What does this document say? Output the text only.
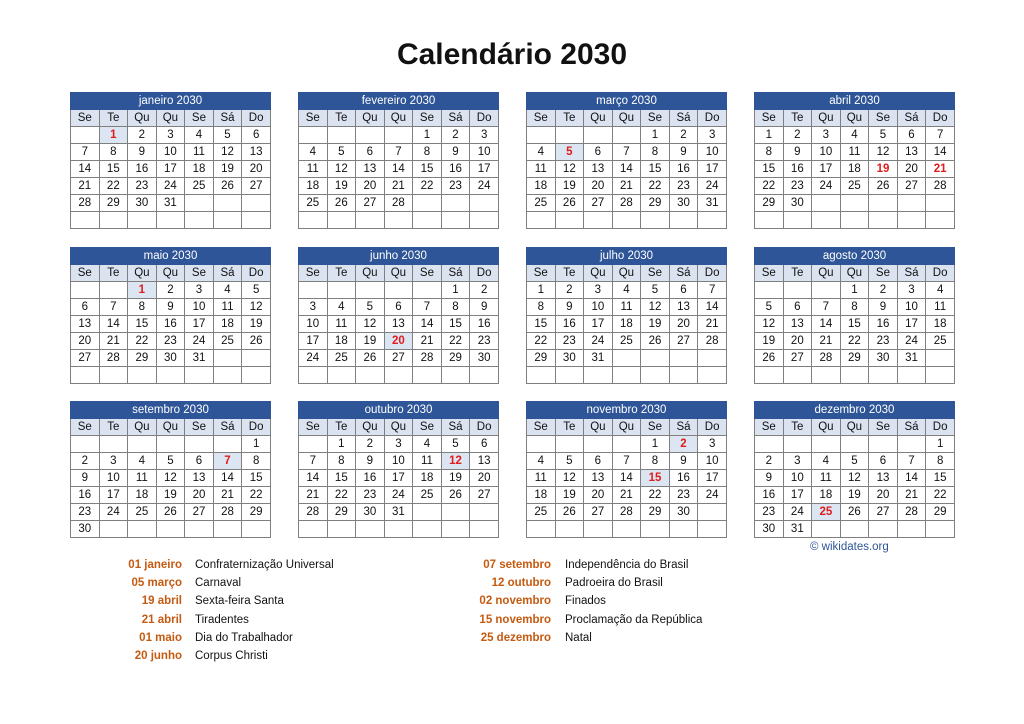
Calendário 2030
janeiro 2030						
Se	Te	Qu	Qu	Se	Sá	Do
	1	2	3	4	5	6
7	8	9	10	11	12	13
14	15	16	17	18	19	20
21	22	23	24	25	26	27
28	29	30	31			

fevereiro 2030						
Se	Te	Qu	Qu	Se	Sá	Do
				1	2	3
4	5	6	7	8	9	10
11	12	13	14	15	16	17
18	19	20	21	22	23	24
25	26	27	28			

março 2030						
Se	Te	Qu	Qu	Se	Sá	Do
				1	2	3
4	5	6	7	8	9	10
11	12	13	14	15	16	17
18	19	20	21	22	23	24
25	26	27	28	29	30	31

abril 2030						
Se	Te	Qu	Qu	Se	Sá	Do
1	2	3	4	5	6	7
8	9	10	11	12	13	14
15	16	17	18	19	20	21
22	23	24	25	26	27	28
29	30					

maio 2030						
Se	Te	Qu	Qu	Se	Sá	Do
		1	2	3	4	5
6	7	8	9	10	11	12
13	14	15	16	17	18	19
20	21	22	23	24	25	26
27	28	29	30	31		

junho 2030						
Se	Te	Qu	Qu	Se	Sá	Do
					1	2
3	4	5	6	7	8	9
10	11	12	13	14	15	16
17	18	19	20	21	22	23
24	25	26	27	28	29	30

julho 2030						
Se	Te	Qu	Qu	Se	Sá	Do
1	2	3	4	5	6	7
8	9	10	11	12	13	14
15	16	17	18	19	20	21
22	23	24	25	26	27	28
29	30	31				

agosto 2030						
Se	Te	Qu	Qu	Se	Sá	Do
			1	2	3	4
5	6	7	8	9	10	11
12	13	14	15	16	17	18
19	20	21	22	23	24	25
26	27	28	29	30	31	

setembro 2030						
Se	Te	Qu	Qu	Se	Sá	Do
						1
2	3	4	5	6	7	8
9	10	11	12	13	14	15
16	17	18	19	20	21	22
23	24	25	26	27	28	29
30						
outubro 2030						
Se	Te	Qu	Qu	Se	Sá	Do
	1	2	3	4	5	6
7	8	9	10	11	12	13
14	15	16	17	18	19	20
21	22	23	24	25	26	27
28	29	30	31			

novembro 2030						
Se	Te	Qu	Qu	Se	Sá	Do
				1	2	3
4	5	6	7	8	9	10
11	12	13	14	15	16	17
18	19	20	21	22	23	24
25	26	27	28	29	30	

dezembro 2030						
Se	Te	Qu	Qu	Se	Sá	Do
						1
2	3	4	5	6	7	8
9	10	11	12	13	14	15
16	17	18	19	20	21	22
23	24	25	26	27	28	29
30	31					
© wikidates.org
01 janeiro Confraternização Universal
05 março Carnaval
19 abril Sexta-feira Santa
21 abril Tiradentes
01 maio Dia do Trabalhador
20 junho Corpus Christi
07 setembro Independência do Brasil
12 outubro Padroeira do Brasil
02 novembro Finados
15 novembro Proclamação da República
25 dezembro Natal
